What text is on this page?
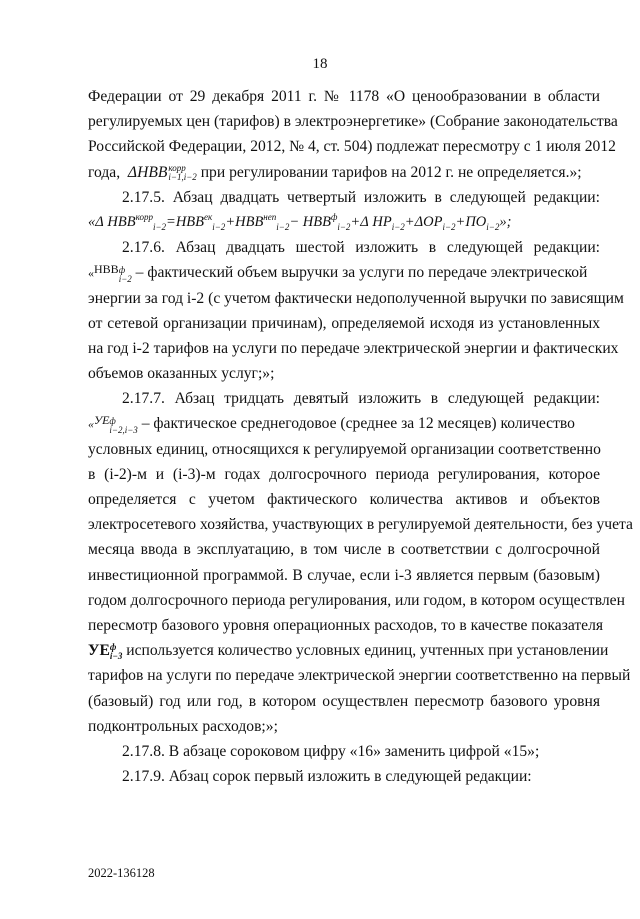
18
Федерации от 29 декабря 2011 г. № 1178 «О ценообразовании в области
регулируемых цен (тарифов) в электроэнергетике» (Собрание законодательства
Российской Федерации, 2012, № 4, ст. 504) подлежат пересмотру с 1 июля 2012
года, ΔHBB корр
i−1,i−2 при регулировании тарифов на 2012 г. не определяется.»;
2.17.5. Абзац двадцать четвертый изложить в следующей редакции:
«Δ $HBB^{корр}_{i-2}=HBB^{ек}_{i-2}+HBB^{неп}_{i-2}- HBB^ф_{i-2}+\Delta$ $HP_{i-2}+\Delta OP_{i-2}+ПО_{i-2}$»;
2.17.6. Абзац двадцать шестой изложить в следующей редакции:
«НВВ ф
i−2 – фактический объем выручки за услуги по передаче электрической
энергии за год i-2 (с учетом фактически недополученной выручки по зависящим
от сетевой организации причинам), определяемой исходя из установленных
на год i-2 тарифов на услуги по передаче электрической энергии и фактических
объемов оказанных услуг;»;
2.17.7. Абзац тридцать девятый изложить в следующей редакции:
«УЕ ф
i−2,i−3 – фактическое среднегодовое (среднее за 12 месяцев) количество
условных единиц, относящихся к регулируемой организации соответственно
в (i-2)-м и (i-3)-м годах долгосрочного периода регулирования, которое
определяется с учетом фактического количества активов и объектов
электросетевого хозяйства, участвующих в регулируемой деятельности, без учета
месяца ввода в эксплуатацию, в том числе в соответствии с долгосрочной
инвестиционной программой. В случае, если i-3 является первым (базовым)
годом долгосрочного периода регулирования, или годом, в котором осуществлен
пересмотр базового уровня операционных расходов, то в качестве показателя
УЕ ф
i−3 используется количество условных единиц, учтенных при установлении
тарифов на услуги по передаче электрической энергии соответственно на первый
(базовый) год или год, в котором осуществлен пересмотр базового уровня
подконтрольных расходов;»;
2.17.8. В абзаце сороковом цифру «16» заменить цифрой «15»;
2.17.9. Абзац сорок первый изложить в следующей редакции:
2022-136128
